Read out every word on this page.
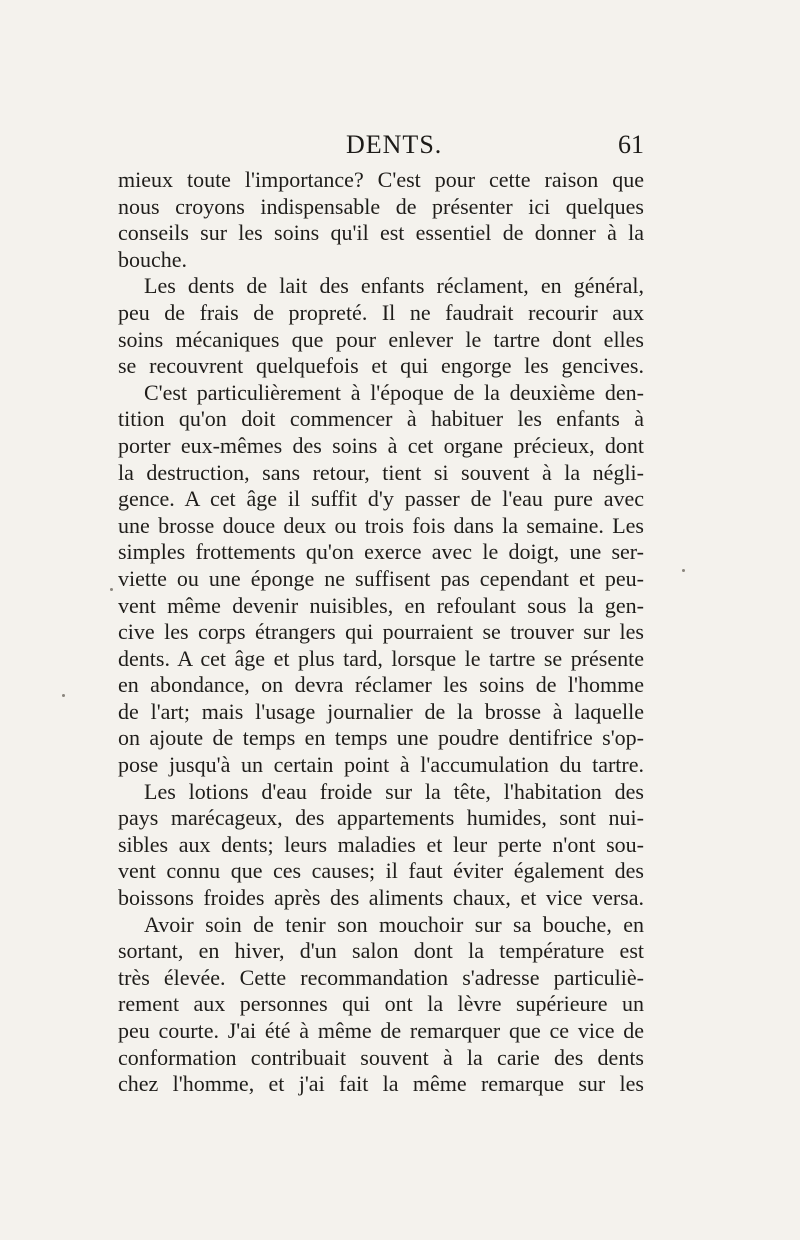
DENTS.	61
mieux toute l'importance? C'est pour cette raison que
nous croyons indispensable de présenter ici quelques
conseils sur les soins qu'il est essentiel de donner à la
bouche.
Les dents de lait des enfants réclament, en général,
peu de frais de propreté. Il ne faudrait recourir aux
soins mécaniques que pour enlever le tartre dont elles
se recouvrent quelquefois et qui engorge les gencives.
C'est particulièrement à l'époque de la deuxième den-
tition qu'on doit commencer à habituer les enfants à
porter eux-mêmes des soins à cet organe précieux, dont
la destruction, sans retour, tient si souvent à la négli-
gence. A cet âge il suffit d'y passer de l'eau pure avec
une brosse douce deux ou trois fois dans la semaine. Les
simples frottements qu'on exerce avec le doigt, une ser-
viette ou une éponge ne suffisent pas cependant et peu-
vent même devenir nuisibles, en refoulant sous la gen-
cive les corps étrangers qui pourraient se trouver sur les
dents. A cet âge et plus tard, lorsque le tartre se présente
en abondance, on devra réclamer les soins de l'homme
de l'art; mais l'usage journalier de la brosse à laquelle
on ajoute de temps en temps une poudre dentifrice s'op-
pose jusqu'à un certain point à l'accumulation du tartre.
Les lotions d'eau froide sur la tête, l'habitation des
pays marécageux, des appartements humides, sont nui-
sibles aux dents; leurs maladies et leur perte n'ont sou-
vent connu que ces causes; il faut éviter également des
boissons froides après des aliments chaux, et vice versa.
Avoir soin de tenir son mouchoir sur sa bouche, en
sortant, en hiver, d'un salon dont la température est
très élevée. Cette recommandation s'adresse particuliè-
rement aux personnes qui ont la lèvre supérieure un
peu courte. J'ai été à même de remarquer que ce vice de
conformation contribuait souvent à la carie des dents
chez l'homme, et j'ai fait la même remarque sur les
